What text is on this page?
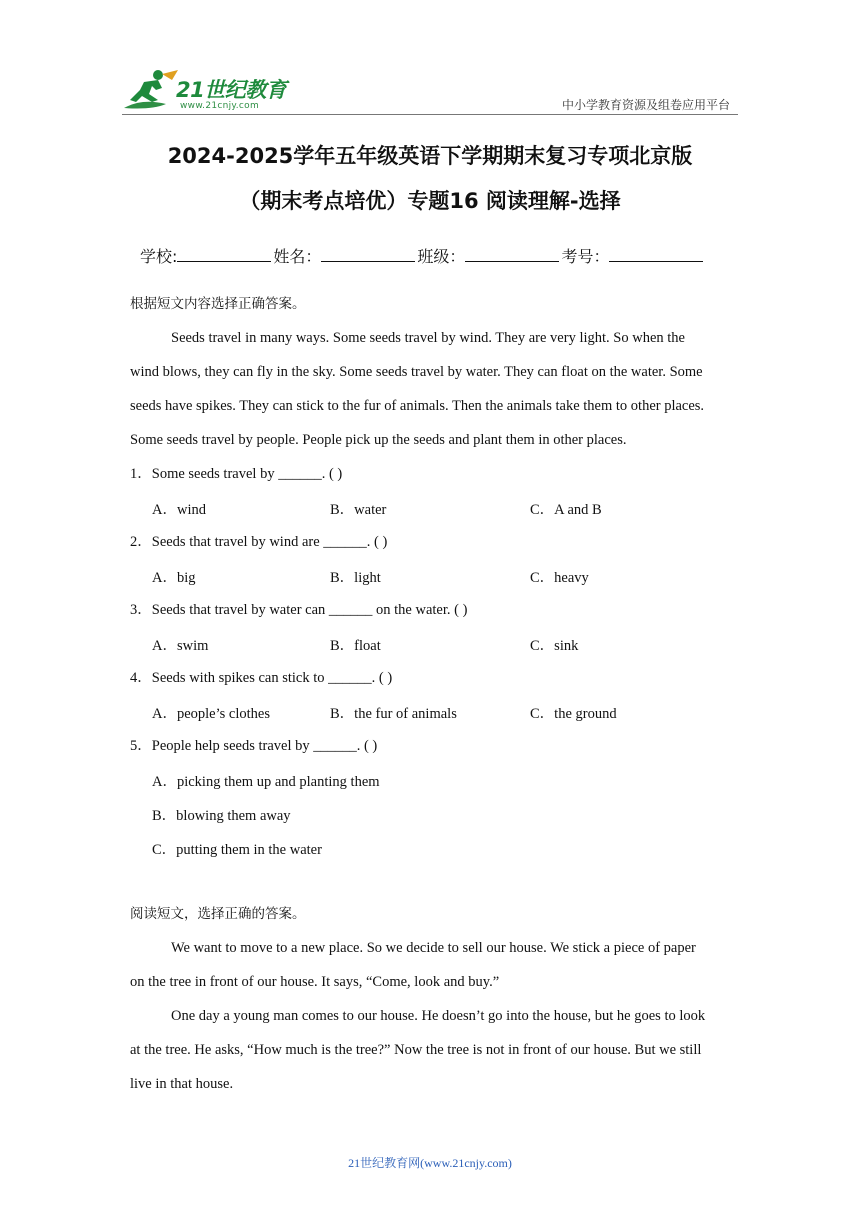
21世纪教育
www.21cnjy.com	中小学教育资源及组卷应用平台
2024-2025学年五年级英语下学期期末复习专项北京版
（期末考点培优）专题16 阅读理解-选择
学校:	姓名：	班级：	考号：
根据短文内容选择正确答案。
Seeds travel in many ways. Some seeds travel by wind. They are very light. So when the
wind blows, they can fly in the sky. Some seeds travel by water. They can float on the water. Some
seeds have spikes. They can stick to the fur of animals. Then the animals take them to other places.
Some seeds travel by people. People pick up the seeds and plant them in other places.
1．Some seeds travel by ______. ( )
A．wind	B．water	C．A and B
2．Seeds that travel by wind are ______. ( )
A．big	B．light	C．heavy
3．Seeds that travel by water can ______ on the water. ( )
A．swim	B．float	C．sink
4．Seeds with spikes can stick to ______. ( )
A．people’s clothes	B．the fur of animals	C．the ground
5．People help seeds travel by ______. ( )
A．picking them up and planting them
B．blowing them away
C．putting them in the water
阅读短文，选择正确的答案。
We want to move to a new place. So we decide to sell our house. We stick a piece of paper
on the tree in front of our house. It says, “Come, look and buy.”
One day a young man comes to our house. He doesn’t go into the house, but he goes to look
at the tree. He asks, “How much is the tree?” Now the tree is not in front of our house. But we still
live in that house.
21世纪教育网(www.21cnjy.com)
